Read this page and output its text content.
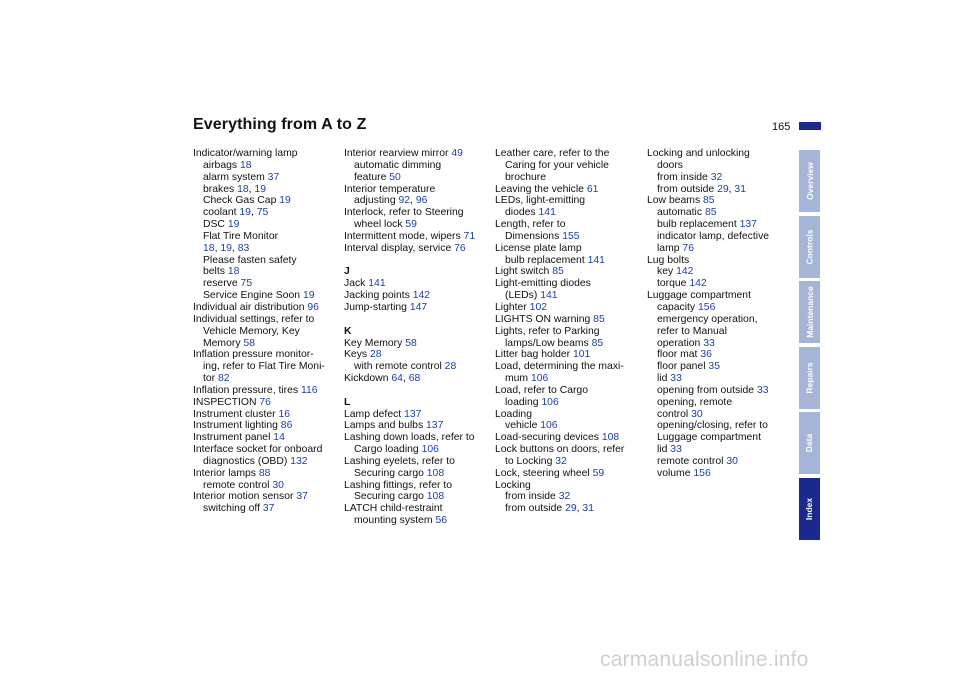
Everything from A to Z	165
Indicator/warning lamp
airbags 18
alarm system 37
brakes 18, 19
Check Gas Cap 19
coolant 19, 75
DSC 19
Flat Tire Monitor
18, 19, 83
Please fasten safety
belts 18
reserve 75
Service Engine Soon 19
Individual air distribution 96
Individual settings, refer to
Vehicle Memory, Key
Memory 58
Inflation pressure monitor-
ing, refer to Flat Tire Moni-
tor 82
Inflation pressure, tires 116
INSPECTION 76
Instrument cluster 16
Instrument lighting 86
Instrument panel 14
Interface socket for onboard
diagnostics (OBD) 132
Interior lamps 88
remote control 30
Interior motion sensor 37
switching off 37
Interior rearview mirror 49
automatic dimming
feature 50
Interior temperature
adjusting 92, 96
Interlock, refer to Steering
wheel lock 59
Intermittent mode, wipers 71
Interval display, service 76
J
Jack 141
Jacking points 142
Jump-starting 147
K
Key Memory 58
Keys 28
with remote control 28
Kickdown 64, 68
L
Lamp defect 137
Lamps and bulbs 137
Lashing down loads, refer to
Cargo loading 106
Lashing eyelets, refer to
Securing cargo 108
Lashing fittings, refer to
Securing cargo 108
LATCH child-restraint
mounting system 56
Leather care, refer to the
Caring for your vehicle
brochure
Leaving the vehicle 61
LEDs, light-emitting
diodes 141
Length, refer to
Dimensions 155
License plate lamp
bulb replacement 141
Light switch 85
Light-emitting diodes
(LEDs) 141
Lighter 102
LIGHTS ON warning 85
Lights, refer to Parking
lamps/Low beams 85
Litter bag holder 101
Load, determining the maxi-
mum 106
Load, refer to Cargo
loading 106
Loading
vehicle 106
Load-securing devices 108
Lock buttons on doors, refer
to Locking 32
Lock, steering wheel 59
Locking
from inside 32
from outside 29, 31
Locking and unlocking
doors
from inside 32
from outside 29, 31
Low beams 85
automatic 85
bulb replacement 137
indicator lamp, defective
lamp 76
Lug bolts
key 142
torque 142
Luggage compartment
capacity 156
emergency operation,
refer to Manual
operation 33
floor mat 36
floor panel 35
lid 33
opening from outside 33
opening, remote
control 30
opening/closing, refer to
Luggage compartment
lid 33
remote control 30
volume 156
Overview
Controls
Maintenance
Repairs
Data
Index
carmanualsonline.info
